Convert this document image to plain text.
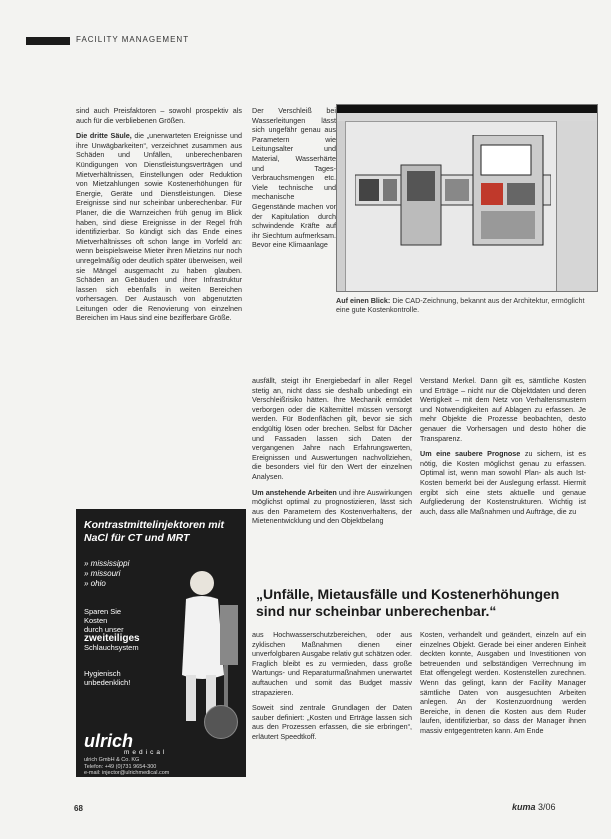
FACILITY MANAGEMENT

sind auch Preisfaktoren – sowohl prospektiv als auch für die verbliebenen Größen.

Die dritte Säule, die „unerwarteten Ereignisse und ihre Unwägbarkeiten“, verzeichnet zusammen aus Schäden und Unfällen, unberechenbaren Kündigungen von Dienstleistungsverträgen und Mietverhältnissen, Einstellungen oder Reduktion von Mietzahlungen sowie Kostenerhöhungen für Energie, Geräte und Dienstleistungen. Diese Ereignisse sind nur scheinbar unberechenbar. Für Planer, die die Warnzeichen früh genug im Blick haben, sind diese Ereignisse in der Regel früh identifizierbar. So kündigt sich das Ende eines Mietverhältnisses oft schon lange im Vorfeld an: wenn beispielsweise Mieter ihren Mietzins nur noch unregelmäßig oder deutlich später überweisen, weil sie Mängel ausgemacht zu haben glauben. Schäden an Gebäuden und ihrer Infrastruktur lassen sich ebenfalls in weiten Bereichen vorhersagen. Der Austausch von abgenutzten Leitungen oder die Renovierung von einzelnen Bereichen im Haus sind eine bezifferbare Größe.

Der Verschleiß bei Wasserleitungen lässt sich ungefähr genau aus Parametern wie Leitungsalter und Material, Wasserhärte und Tages-Verbrauchsmengen etc. Viele technische und mechanische Gegenstände machen vor der Kapitulation durch schwindende Kräfte auf ihr Siechtum aufmerksam. Bevor eine Klimaanlage

Auf einen Blick: Die CAD-Zeichnung, bekannt aus der Architektur, ermöglicht eine gute Kostenkontrolle.

ausfällt, steigt ihr Energiebedarf in aller Regel stetig an, nicht dass sie deshalb unbedingt ein Verschleißrisiko hätten. Ihre Mechanik ermüdet verborgen oder die Kältemittel müssen versorgt werden. Für Bodenflächen gilt, bevor sie sich endgültig lösen oder brechen. Selbst für Dächer und Fassaden lassen sich Daten der vergangenen Jahre nach Erfahrungswerten, Ereignissen und Auswertungen nachvollziehen, die besonders viel für den Wert der einzelnen Analysen.

Um anstehende Arbeiten und ihre Auswirkungen möglichst optimal zu prognostizieren, lässt sich aus den Parametern des Kostenverhaltens, der Mietenentwicklung und den Objektbelang

Verstand Merkel. Dann gilt es, sämtliche Kosten und Erträge – nicht nur die Objektdaten und deren Wertigkeit – mit dem Netz von Verhaltensmustern und Notwendigkeiten auf Ablagen zu erfassen. Je mehr Objekte die Prozesse beobachten, desto genauer die Vorhersagen und desto höher die Transparenz.

Um eine saubere Prognose zu sichern, ist es nötig, die Kosten möglichst genau zu erfassen. Optimal ist, wenn man sowohl Plan- als auch Ist-Kosten bemerkt bei der Auslegung erfasst. Hiermit ergibt sich eine stets aktuelle und genaue Aufgliederung der Kostenstrukturen. Wichtig ist auch, dass alle Maßnahmen und Aufträge, die zu

„Unfälle, Mietausfälle und Kostenerhöhungen sind nur scheinbar unberechenbar.“

aus Hochwasserschutzbereichen, oder aus zyklischen Maßnahmen dienen einer unverfolgbaren Ausgabe relativ gut schätzen oder. Fraglich bleibt es zu vermieden, dass große Wartungs- und Reparaturmaßnahmen unerwartet auftauchen und somit das Budget massiv strapazieren.

Soweit sind zentrale Grundlagen der Daten sauber definiert: „Kosten und Erträge lassen sich aus den Prozessen erfassen, die sie erbringen“, erläutert Speedtkoff.

Kosten, verhandelt und geändert, einzeln auf ein einzelnes Objekt. Gerade bei einer anderen Einheit deckten konnte, Ausgaben und Investitionen von betreuenden und selbständigen Verrechnung im Etat offengelegt werden. Kostenstellen zurechnen. Wenn das gelingt, kann der Facility Manager sämtliche Daten von ausgesuchten Arbeiten anlegen. An der Kostenzuordnung werden Bereiche, in denen die Kosten aus dem Ruder laufen, identifizierbar, so dass der Manager ihnen massiv entgegentreten kann. Am Ende

Kontrastmittelinjektoren mit NaCl für CT und MRT
» mississippi
» missouri
» ohio
Sparen Sie
Kosten
durch unser
zweiteiliges
Schlauchsystem
Hygienisch
unbedenklich!
ulrich
medical
ulrich GmbH & Co. KG
Telefon: +49 (0)731 9654-300
e-mail: injector@ulrichmedical.com
68	kuma 3/06
